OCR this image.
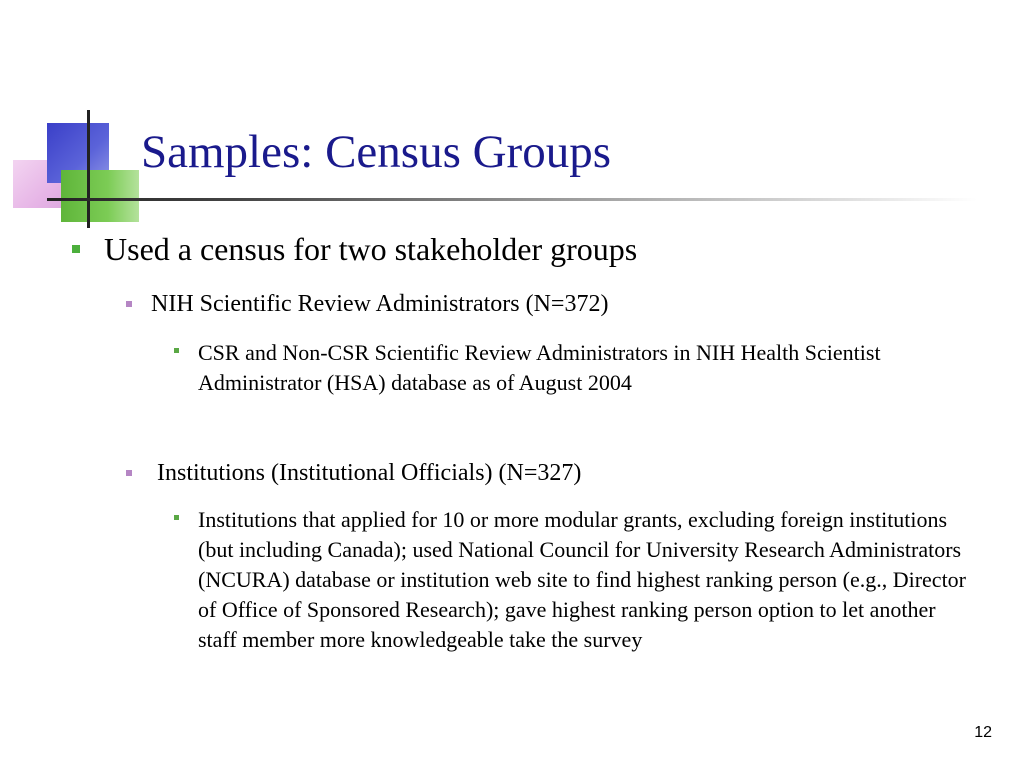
Samples: Census Groups
Used a census for two stakeholder groups
NIH Scientific Review Administrators (N=372)
CSR and Non-CSR Scientific Review Administrators in NIH Health Scientist Administrator (HSA) database as of August 2004
Institutions (Institutional Officials) (N=327)
Institutions that applied for 10 or more modular grants, excluding foreign institutions (but including Canada); used National Council for University Research Administrators (NCURA) database or institution web site to find highest ranking person (e.g., Director of Office of Sponsored Research); gave highest ranking person option to let another staff member more knowledgeable take the survey
12
